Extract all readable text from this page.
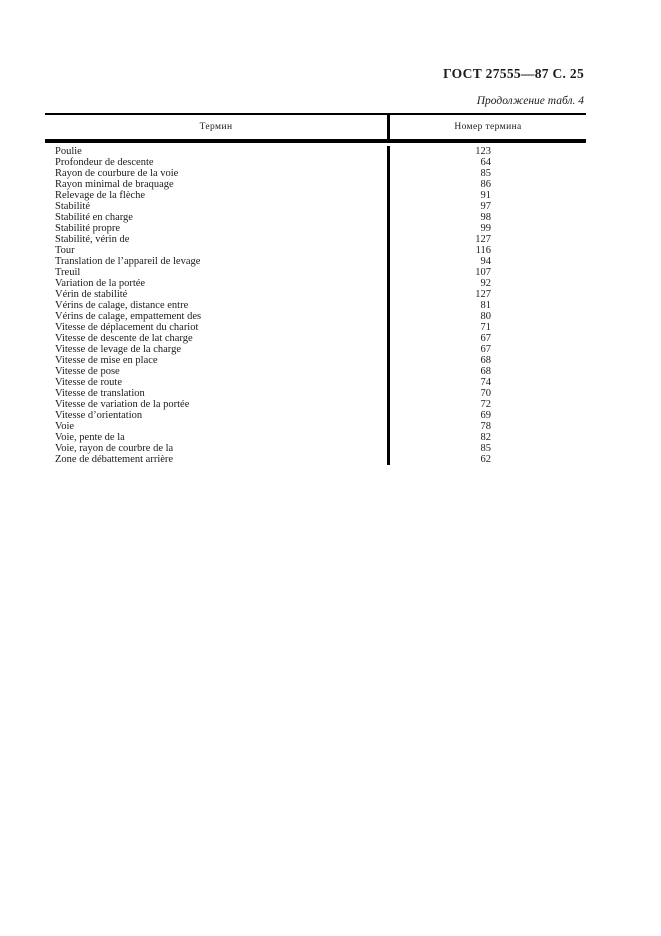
ГОСТ 27555—87 С. 25
Продолжение табл. 4
Термин	Номер термина
Poulie	123
Profondeur de descente	64
Rayon de courbure de la voie	85
Rayon minimal de braquage	86
Relevage de la flèche	91
Stabilité	97
Stabilité en charge	98
Stabilité propre	99
Stabilité, vérin de	127
Tour	116
Translation de l’appareil de levage	94
Treuil	107
Variation de la portée	92
Vérin de stabilité	127
Vérins de calage, distance entre	81
Vérins de calage, empattement des	80
Vitesse de déplacement du chariot	71
Vitesse de descente de lat charge	67
Vitesse de levage de la charge	67
Vitesse de mise en place	68
Vitesse de pose	68
Vitesse de route	74
Vitesse de translation	70
Vitesse de variation de la portée	72
Vitesse d’orientation	69
Voie	78
Voie, pente de la	82
Voie, rayon de courbre de la	85
Zone de débattement arrière	62
